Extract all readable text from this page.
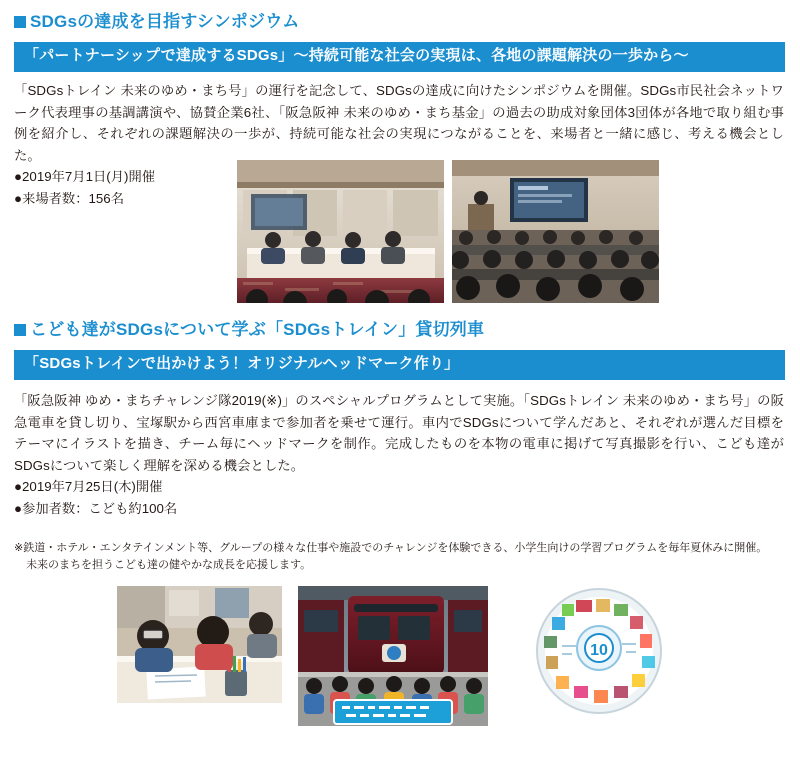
SDGsの達成を目指すシンポジウム
「パートナーシップで達成するSDGs」〜持続可能な社会の実現は、各地の課題解決の一歩から〜

「SDGsトレイン 未来のゆめ・まち号」の運行を記念して、SDGsの達成に向けたシンポジウムを開催。SDGs市民社会ネットワーク代表理事の基調講演や、協賛企業6社、「阪急阪神 未来のゆめ・まち基金」の過去の助成対象団体3団体が各地で取り組む事例を紹介し、それぞれの課題解決の一歩が、持続可能な社会の実現につながることを、来場者と一緒に感じ、考える機会とした。

●2019年7月1日(月)開催
●来場者数：156名
こども達がSDGsについて学ぶ「SDGsトレイン」貸切列車
「SDGsトレインで出かけよう！オリジナルヘッドマーク作り」

「阪急阪神 ゆめ・まちチャレンジ隊2019(※)」のスペシャルプログラムとして実施。「SDGsトレイン 未来のゆめ・まち号」の阪急電車を貸し切り、宝塚駅から西宮車庫まで参加者を乗せて運行。車内でSDGsについて学んだあと、それぞれが選んだ目標をテーマにイラストを描き、チーム毎にヘッドマークを制作。完成したものを本物の電車に掲げて写真撮影を行い、こども達がSDGsについて楽しく理解を深める機会とした。

●2019年7月25日(木)開催
●参加者数：こども約100名
※鉄道・ホテル・エンタテインメント等、グループの様々な仕事や施設でのチャレンジを体験できる、小学生向けの学習プログラムを毎年夏休みに開催。
未来のまちを担うこども達の健やかな成長を応援します。
10
